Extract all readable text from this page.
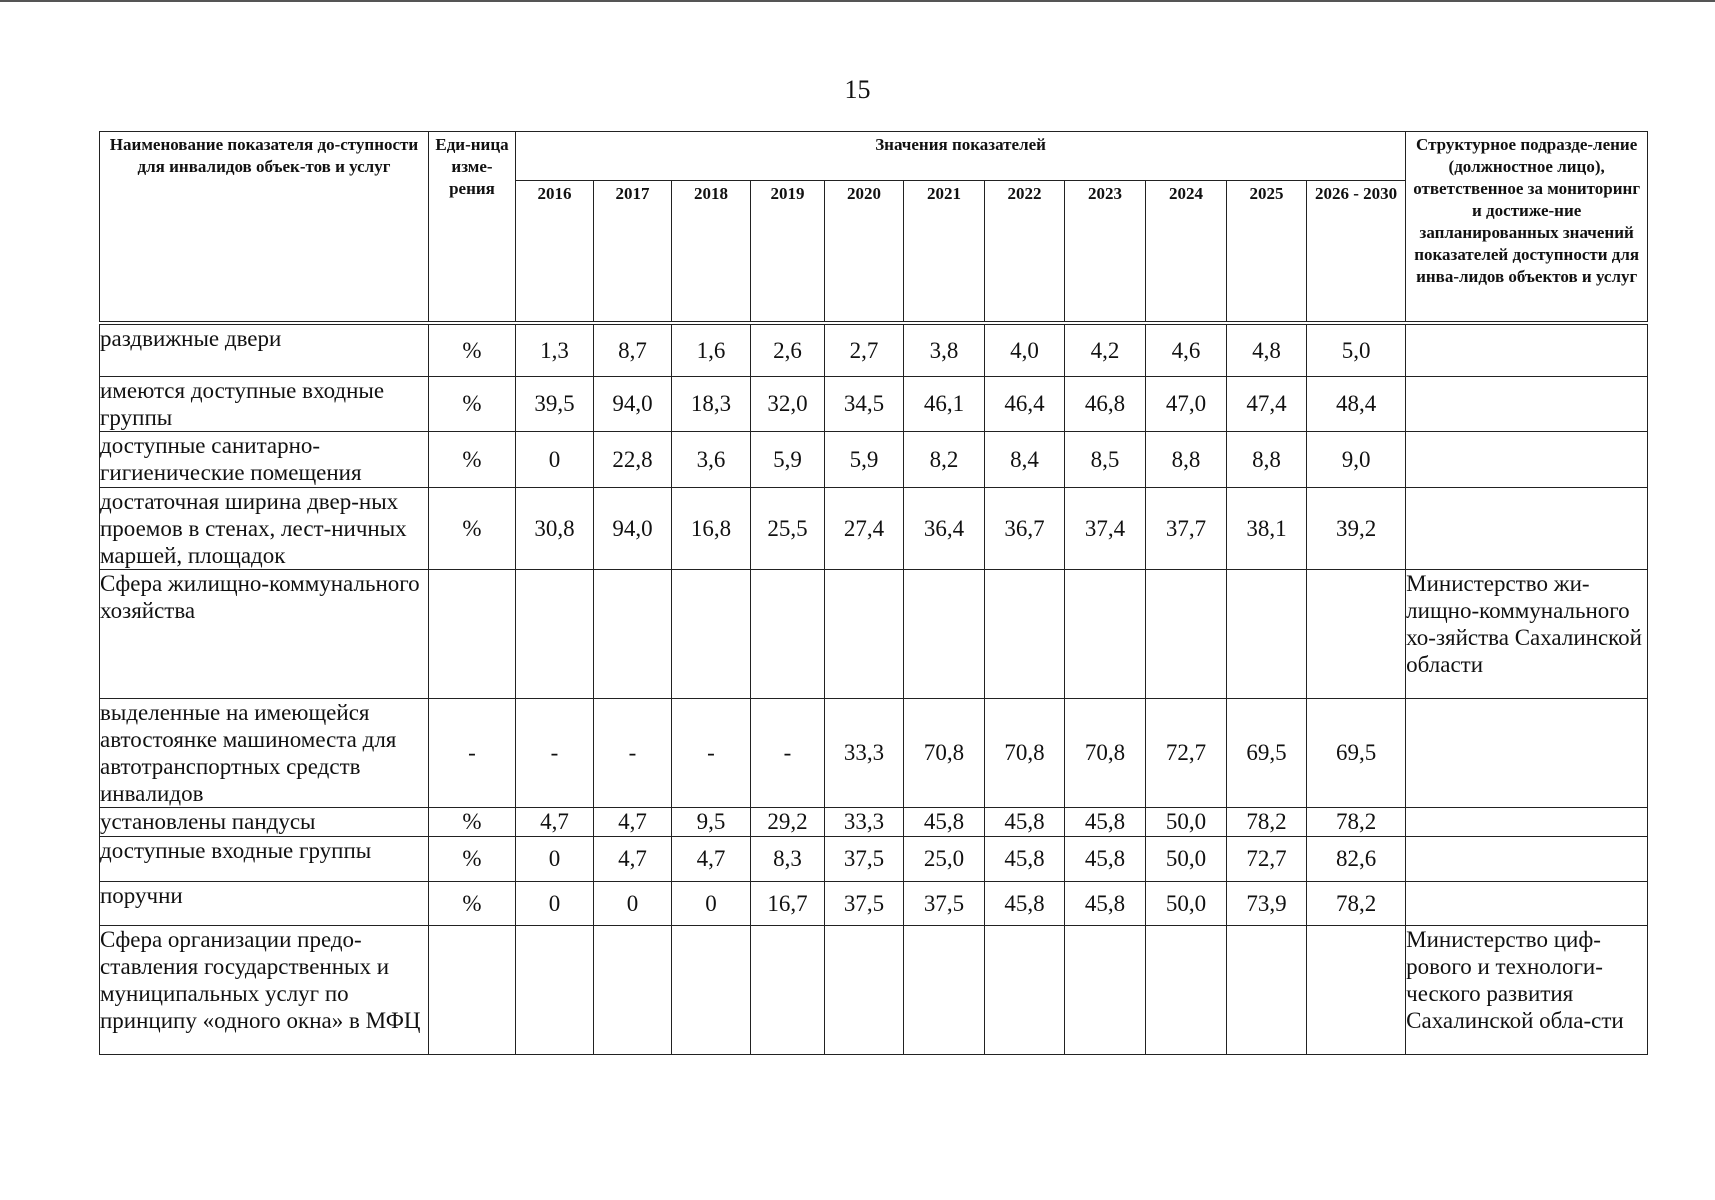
15
Наименование показателя до-ступности для инвалидов объек-тов и услуг	Еди-ница изме-рения	Значения показателей											Структурное подразде-ление (должностное лицо), ответственное за мониторинг и достиже-ние запланированных значений показателей доступности для инва-лидов объектов и услуг
		2016	2017	2018	2019	2020	2021	2022	2023	2024	2025	2026 - 2030	
раздвижные двери	%	1,3	8,7	1,6	2,6	2,7	3,8	4,0	4,2	4,6	4,8	5,0	
имеются доступные входные группы	%	39,5	94,0	18,3	32,0	34,5	46,1	46,4	46,8	47,0	47,4	48,4	
доступные санитарно-гигиенические помещения	%	0	22,8	3,6	5,9	5,9	8,2	8,4	8,5	8,8	8,8	9,0	
достаточная ширина двер-ных проемов в стенах, лест-ничных маршей, площадок	%	30,8	94,0	16,8	25,5	27,4	36,4	36,7	37,4	37,7	38,1	39,2	
Сфера жилищно-коммунального хозяйства													Министерство жи-лищно-коммунального хо-зяйства Сахалинской области
выделенные на имеющейся автостоянке машиноместа для автотранспортных средств инвалидов	-	-	-	-	-	33,3	70,8	70,8	70,8	72,7	69,5	69,5	
установлены пандусы	%	4,7	4,7	9,5	29,2	33,3	45,8	45,8	45,8	50,0	78,2	78,2	
доступные входные группы	%	0	4,7	4,7	8,3	37,5	25,0	45,8	45,8	50,0	72,7	82,6	
поручни	%	0	0	0	16,7	37,5	37,5	45,8	45,8	50,0	73,9	78,2	
Сфера организации предо-ставления государственных и муниципальных услуг по принципу «одного окна» в МФЦ													Министерство циф-рового и технологи-ческого развития Сахалинской обла-сти
